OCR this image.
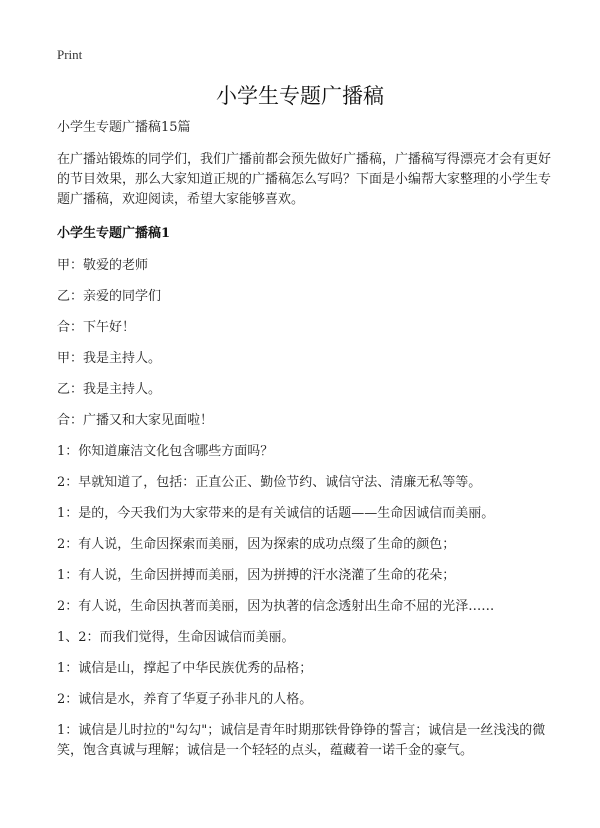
Print
小学生专题广播稿

小学生专题广播稿15篇

在广播站锻炼的同学们，我们广播前都会预先做好广播稿，广播稿写得漂亮才会有更好的节目效果，那么大家知道正规的广播稿怎么写吗？下面是小编帮大家整理的小学生专题广播稿，欢迎阅读，希望大家能够喜欢。

小学生专题广播稿1
甲：敬爱的老师
乙：亲爱的同学们
合：下午好！
甲：我是主持人。
乙：我是主持人。
合：广播又和大家见面啦！
1：你知道廉洁文化包含哪些方面吗？
2：早就知道了，包括：正直公正、勤俭节约、诚信守法、清廉无私等等。
1：是的，今天我们为大家带来的是有关诚信的话题——生命因诚信而美丽。
2：有人说，生命因探索而美丽，因为探索的成功点缀了生命的颜色；
1：有人说，生命因拼搏而美丽，因为拼搏的汗水浇灌了生命的花朵；
2：有人说，生命因执著而美丽，因为执著的信念透射出生命不屈的光泽……
1、2：而我们觉得，生命因诚信而美丽。
1：诚信是山，撑起了中华民族优秀的品格；
2：诚信是水，养育了华夏子孙非凡的人格。
1：诚信是儿时拉的"勾勾"；诚信是青年时期那铁骨铮铮的誓言；诚信是一丝浅浅的微笑，饱含真诚与理解；诚信是一个轻轻的点头，蕴藏着一诺千金的豪气。
